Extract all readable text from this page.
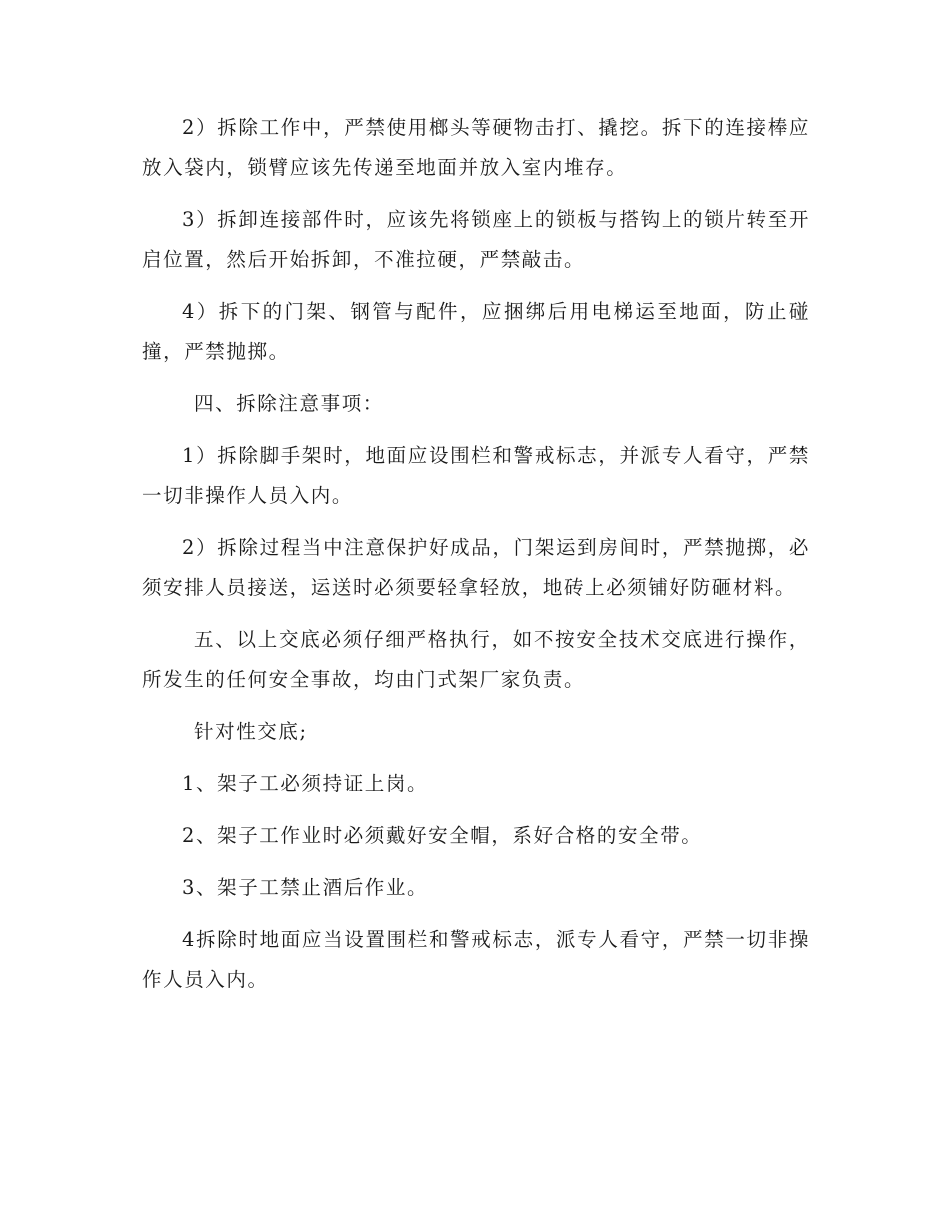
2）拆除工作中，严禁使用榔头等硬物击打、撬挖。拆下的连接棒应放入袋内，锁臂应该先传递至地面并放入室内堆存。

3）拆卸连接部件时，应该先将锁座上的锁板与搭钩上的锁片转至开启位置，然后开始拆卸，不准拉硬，严禁敲击。

4）拆下的门架、钢管与配件，应捆绑后用电梯运至地面，防止碰撞，严禁抛掷。

四、拆除注意事项：

1）拆除脚手架时，地面应设围栏和警戒标志，并派专人看守，严禁一切非操作人员入内。

2）拆除过程当中注意保护好成品，门架运到房间时，严禁抛掷，必须安排人员接送，运送时必须要轻拿轻放，地砖上必须铺好防砸材料。

五、以上交底必须仔细严格执行，如不按安全技术交底进行操作，所发生的任何安全事故，均由门式架厂家负责。

针对性交底;

1、架子工必须持证上岗。

2、架子工作业时必须戴好安全帽，系好合格的安全带。

3、架子工禁止酒后作业。

4拆除时地面应当设置围栏和警戒标志，派专人看守，严禁一切非操作人员入内。
